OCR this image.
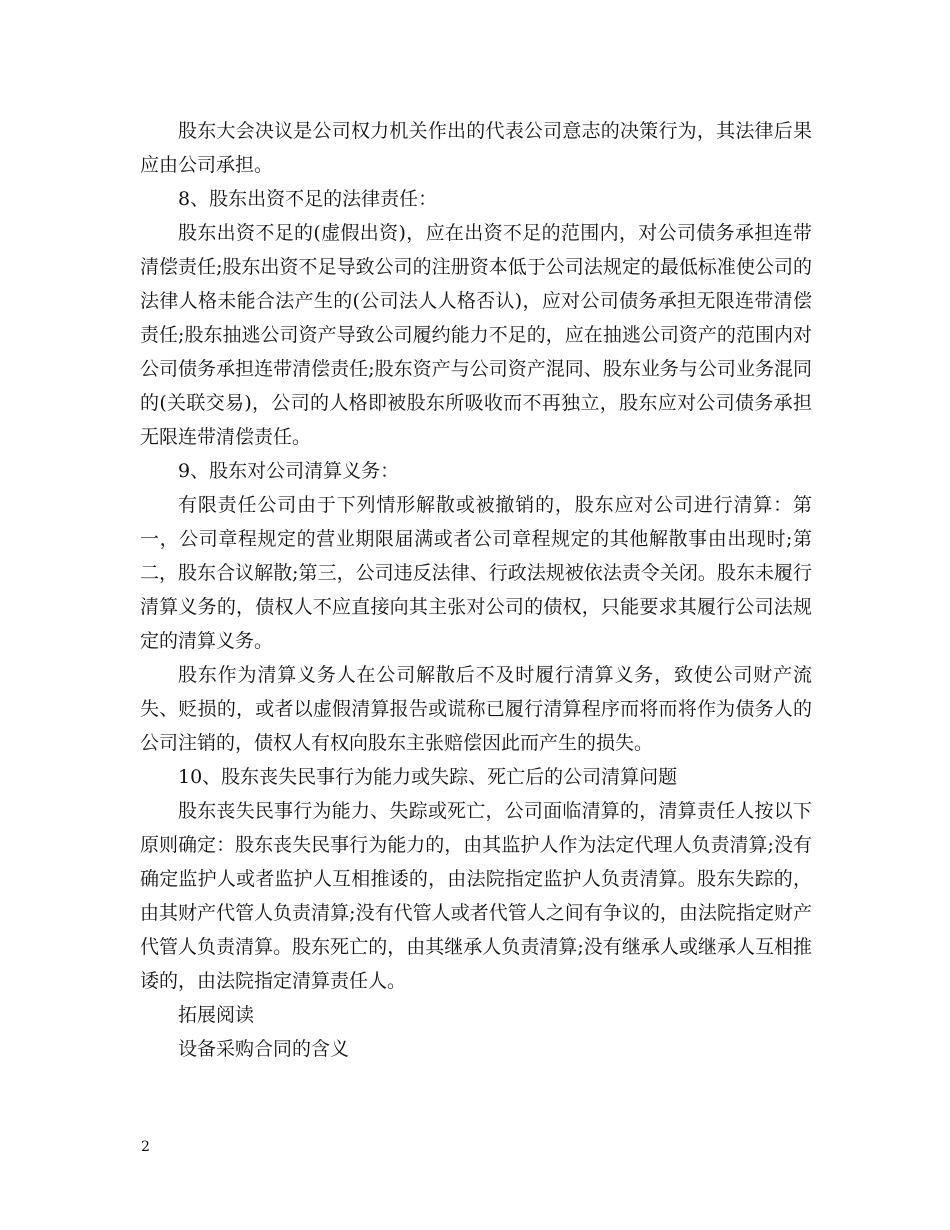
股东大会决议是公司权力机关作出的代表公司意志的决策行为，其法律后果应由公司承担。

8、股东出资不足的法律责任：

股东出资不足的(虚假出资)，应在出资不足的范围内，对公司债务承担连带清偿责任;股东出资不足导致公司的注册资本低于公司法规定的最低标准使公司的法律人格未能合法产生的(公司法人人格否认)，应对公司债务承担无限连带清偿责任;股东抽逃公司资产导致公司履约能力不足的，应在抽逃公司资产的范围内对公司债务承担连带清偿责任;股东资产与公司资产混同、股东业务与公司业务混同的(关联交易)，公司的人格即被股东所吸收而不再独立，股东应对公司债务承担无限连带清偿责任。

9、股东对公司清算义务：

有限责任公司由于下列情形解散或被撤销的，股东应对公司进行清算：第一，公司章程规定的营业期限届满或者公司章程规定的其他解散事由出现时;第二，股东合议解散;第三，公司违反法律、行政法规被依法责令关闭。股东未履行清算义务的，债权人不应直接向其主张对公司的债权，只能要求其履行公司法规定的清算义务。

股东作为清算义务人在公司解散后不及时履行清算义务，致使公司财产流失、贬损的，或者以虚假清算报告或谎称已履行清算程序而将而将作为债务人的公司注销的，债权人有权向股东主张赔偿因此而产生的损失。

10、股东丧失民事行为能力或失踪、死亡后的公司清算问题

股东丧失民事行为能力、失踪或死亡，公司面临清算的，清算责任人按以下原则确定：股东丧失民事行为能力的，由其监护人作为法定代理人负责清算;没有确定监护人或者监护人互相推诿的，由法院指定监护人负责清算。股东失踪的，由其财产代管人负责清算;没有代管人或者代管人之间有争议的，由法院指定财产代管人负责清算。股东死亡的，由其继承人负责清算;没有继承人或继承人互相推诿的，由法院指定清算责任人。

拓展阅读

设备采购合同的含义

2
